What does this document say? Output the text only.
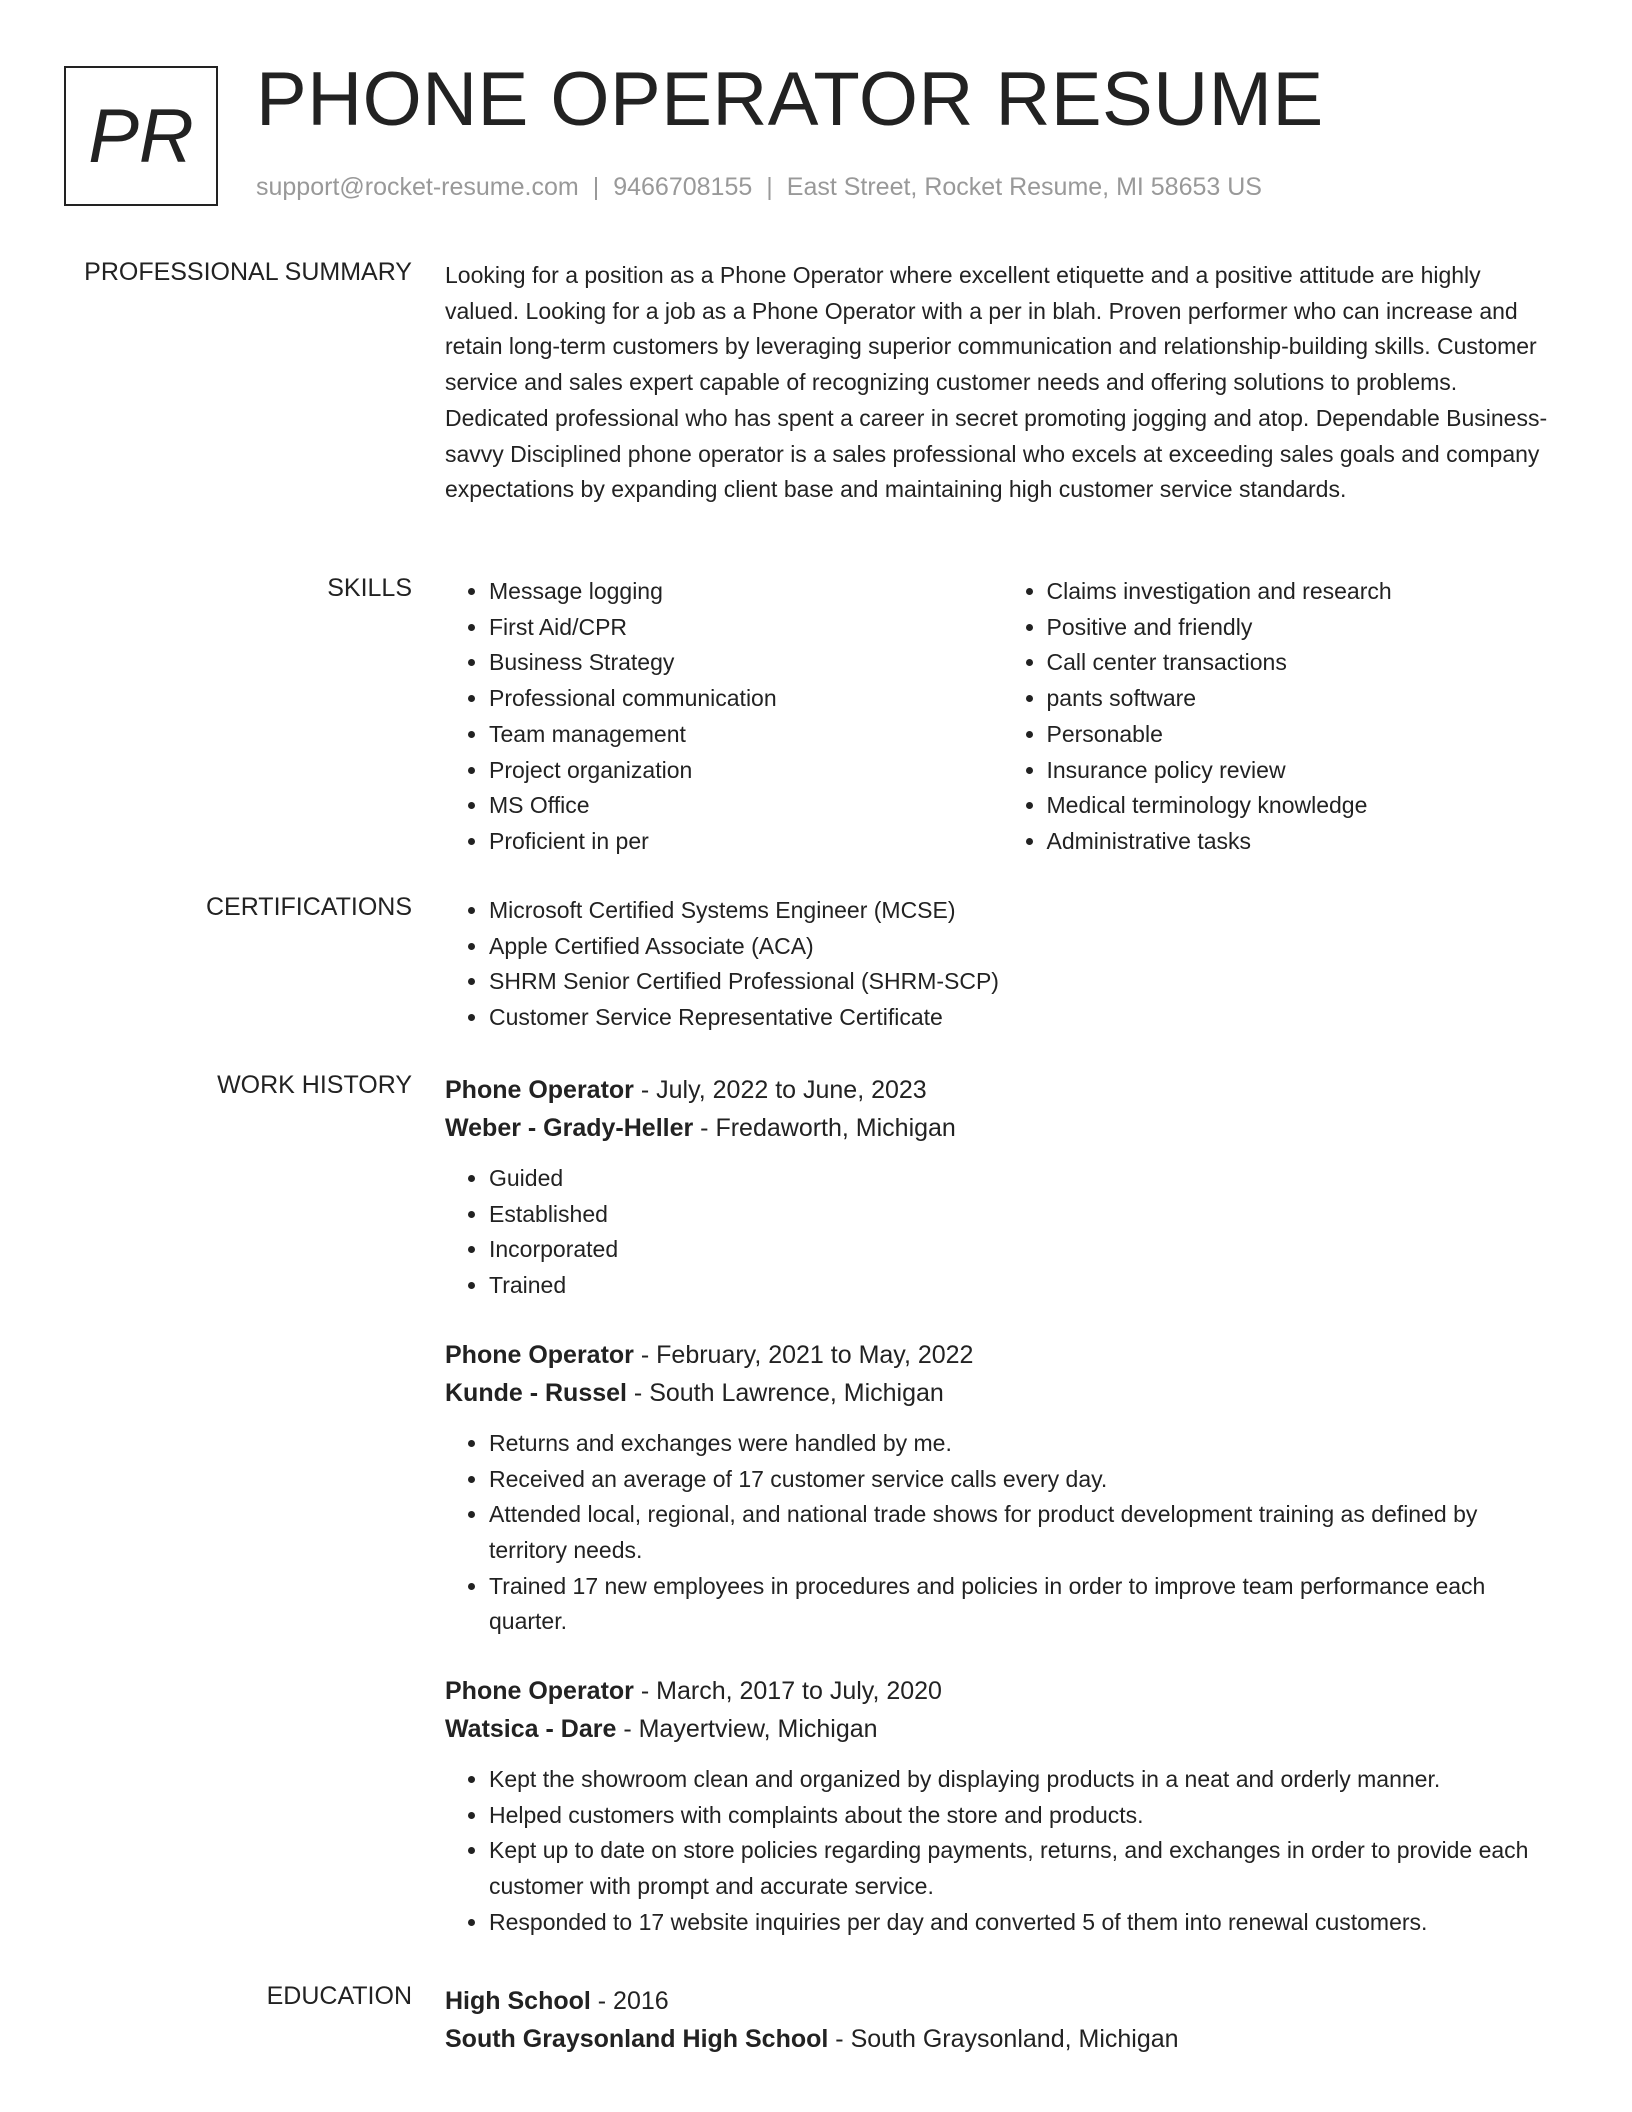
PR PHONE OPERATOR RESUME
support@rocket-resume.com | 9466708155 | East Street, Rocket Resume, MI 58653 US
PROFESSIONAL SUMMARY Looking for a position as a Phone Operator where excellent etiquette and a positive attitude are highly valued. Looking for a job as a Phone Operator with a per in blah. Proven performer who can increase and retain long-term customers by leveraging superior communication and relationship-building skills. Customer service and sales expert capable of recognizing customer needs and offering solutions to problems. Dedicated professional who has spent a career in secret promoting jogging and atop. Dependable Business-savvy Disciplined phone operator is a sales professional who excels at exceeding sales goals and company expectations by expanding client base and maintaining high customer service standards.

SKILLS	• Message logging
• First Aid/CPR
• Business Strategy
• Professional communication
• Team management
• Project organization
• MS Office
• Proficient in per
• Claims investigation and research
• Positive and friendly
• Call center transactions
• pants software
• Personable
• Insurance policy review
• Medical terminology knowledge
• Administrative tasks
CERTIFICATIONS	• Microsoft Certified Systems Engineer (MCSE)
• Apple Certified Associate (ACA)
• SHRM Senior Certified Professional (SHRM-SCP)
• Customer Service Representative Certificate
WORK HISTORY Phone Operator - July, 2022 to June, 2023
Weber - Grady-Heller - Fredaworth, Michigan
• Guided
• Established
• Incorporated
• Trained
Phone Operator - February, 2021 to May, 2022
Kunde - Russel - South Lawrence, Michigan
• Returns and exchanges were handled by me.
• Received an average of 17 customer service calls every day.
• Attended local, regional, and national trade shows for product development training as defined by territory needs.
• Trained 17 new employees in procedures and policies in order to improve team performance each quarter.
Phone Operator - March, 2017 to July, 2020
Watsica - Dare - Mayertview, Michigan
• Kept the showroom clean and organized by displaying products in a neat and orderly manner.
• Helped customers with complaints about the store and products.
• Kept up to date on store policies regarding payments, returns, and exchanges in order to provide each customer with prompt and accurate service.
• Responded to 17 website inquiries per day and converted 5 of them into renewal customers.
EDUCATION High School - 2016
South Graysonland High School - South Graysonland, Michigan
